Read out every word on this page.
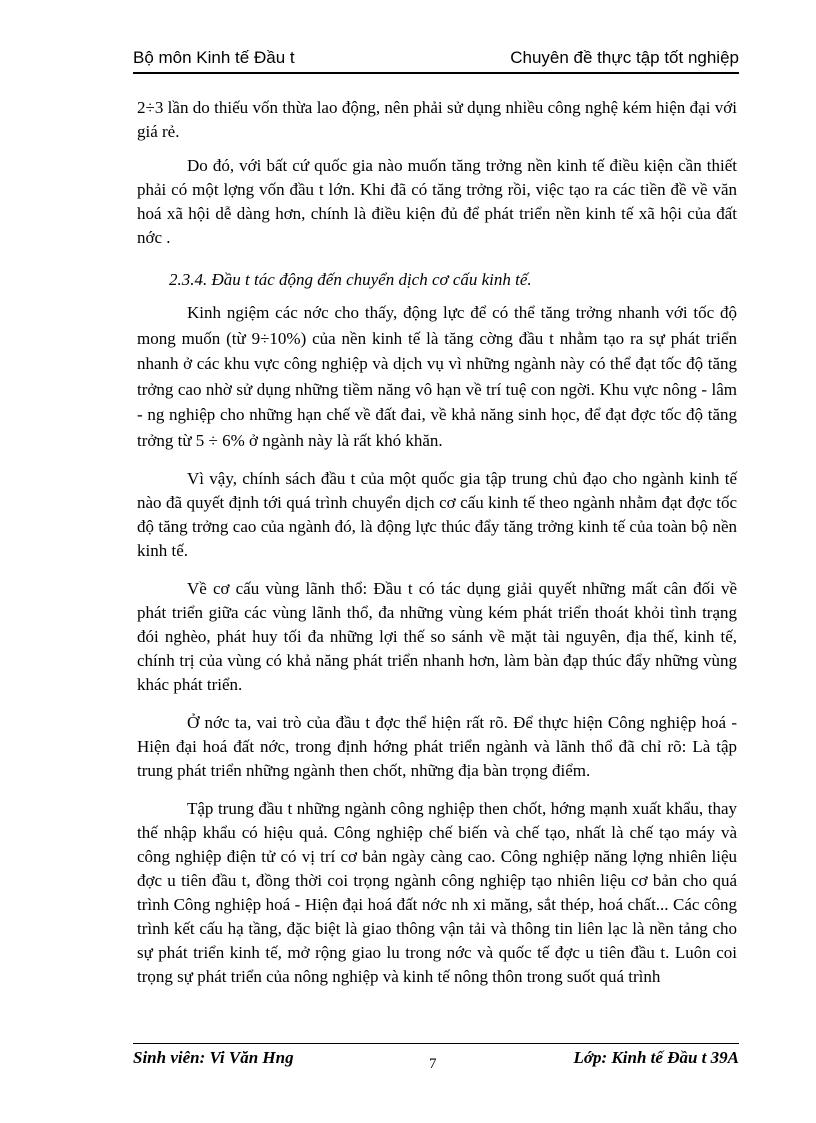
Bộ môn Kinh tế Đầu t	Chuyên đề thực tập tốt nghiệp

2÷3 lần do thiếu vốn thừa lao động, nên phải sử dụng nhiều công nghệ kém hiện đại với giá rẻ.

Do đó, với bất cứ quốc gia nào muốn tăng trởng nền kinh tế điều kiện cần thiết phải có một lợng vốn đầu t lớn. Khi đã có tăng trởng rồi, việc tạo ra các tiền đề về văn hoá xã hội dễ dàng hơn, chính là điều kiện đủ để phát triển nền kinh tế xã hội của đất nớc .

2.3.4. Đầu t tác động đến chuyển dịch cơ cấu kinh tế.

Kinh ngiệm các nớc cho thấy, động lực để có thể tăng trởng nhanh với tốc độ mong muốn (từ 9÷10%) của nền kinh tế là tăng cờng đầu t nhằm tạo ra sự phát triển nhanh ở các khu vực công nghiệp và dịch vụ vì những ngành này có thể đạt tốc độ tăng trởng cao nhờ sử dụng những tiềm năng vô hạn về trí tuệ con ngời. Khu vực nông - lâm - ng nghiệp cho những hạn chế về đất đai, về khả năng sinh học, để đạt đợc tốc độ tăng trởng từ 5 ÷ 6% ở ngành này là rất khó khăn.

Vì vậy, chính sách đầu t của một quốc gia tập trung chủ đạo cho ngành kinh tế nào đã quyết định tới quá trình chuyển dịch cơ cấu kinh tế theo ngành nhằm đạt đợc tốc độ tăng trởng cao của ngành đó, là động lực thúc đẩy tăng trởng kinh tế của toàn bộ nền kinh tế.

Về cơ cấu vùng lãnh thổ: Đầu t có tác dụng giải quyết những mất cân đối về phát triển giữa các vùng lãnh thổ, đa những vùng kém phát triển thoát khỏi tình trạng đói nghèo, phát huy tối đa những lợi thế so sánh về mặt tài nguyên, địa thế, kinh tế, chính trị của vùng có khả năng phát triển nhanh hơn, làm bàn đạp thúc đẩy những vùng khác phát triển.

Ở nớc ta, vai trò của đầu t đợc thể hiện rất rõ. Để thực hiện Công nghiệp hoá - Hiện đại hoá đất nớc, trong định hớng phát triển ngành và lãnh thổ đã chỉ rõ: Là tập trung phát triển những ngành then chốt, những địa bàn trọng điểm.

Tập trung đầu t những ngành công nghiệp then chốt, hớng mạnh xuất khẩu, thay thế nhập khẩu có hiệu quả. Công nghiệp chế biến và chế tạo, nhất là chế tạo máy và công nghiệp điện tử có vị trí cơ bản ngày càng cao. Công nghiệp năng lợng nhiên liệu đợc u tiên đầu t, đồng thời coi trọng ngành công nghiệp tạo nhiên liệu cơ bản cho quá trình Công nghiệp hoá - Hiện đại hoá đất nớc nh xi măng, sắt thép, hoá chất... Các công trình kết cấu hạ tầng, đặc biệt là giao thông vận tải và thông tin liên lạc là nền tảng cho sự phát triển kinh tế, mở rộng giao lu trong nớc và quốc tế đợc u tiên đầu t. Luôn coi trọng sự phát triển của nông nghiệp và kinh tế nông thôn trong suốt quá trình

Sinh viên: Vi Văn Hng	7	Lớp: Kinh tế Đầu t 39A
